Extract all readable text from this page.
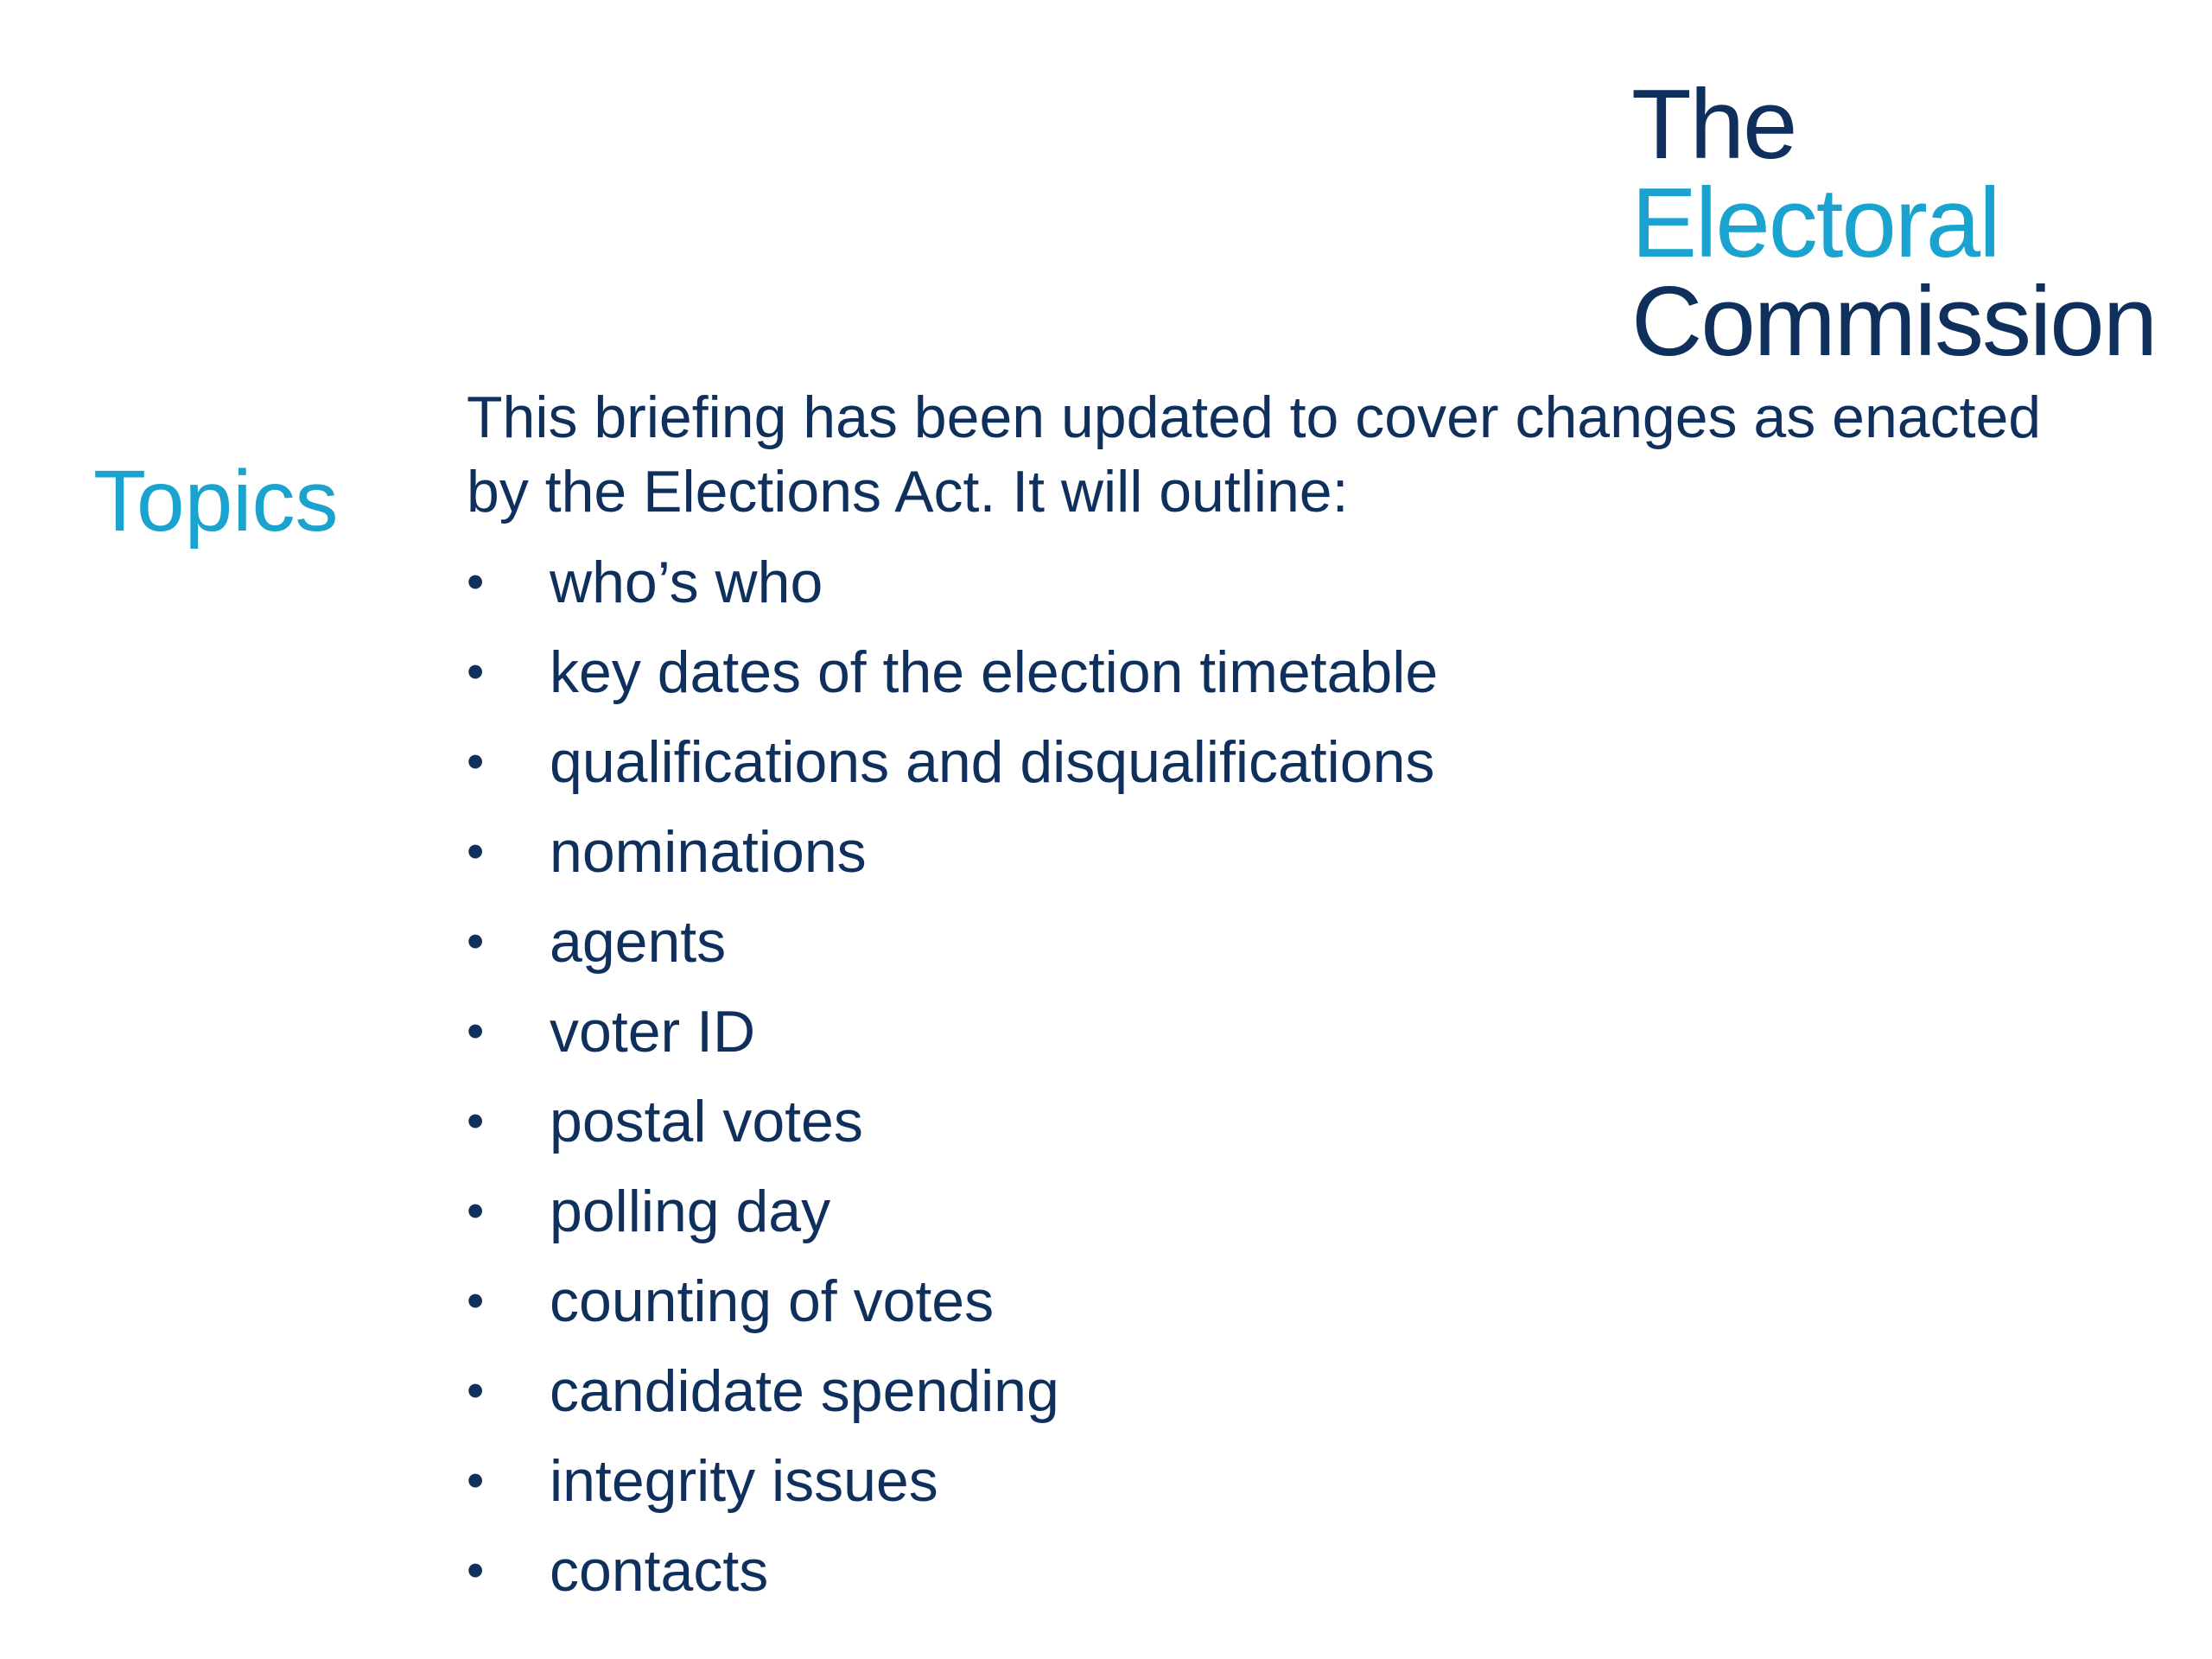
The
Electoral
Commission
Topics

This briefing has been updated to cover changes as enacted by the Elections Act. It will outline:

• who’s who
• key dates of the election timetable
• qualifications and disqualifications
• nominations
• agents
• voter ID
• postal votes
• polling day
• counting of votes
• candidate spending
• integrity issues
• contacts
